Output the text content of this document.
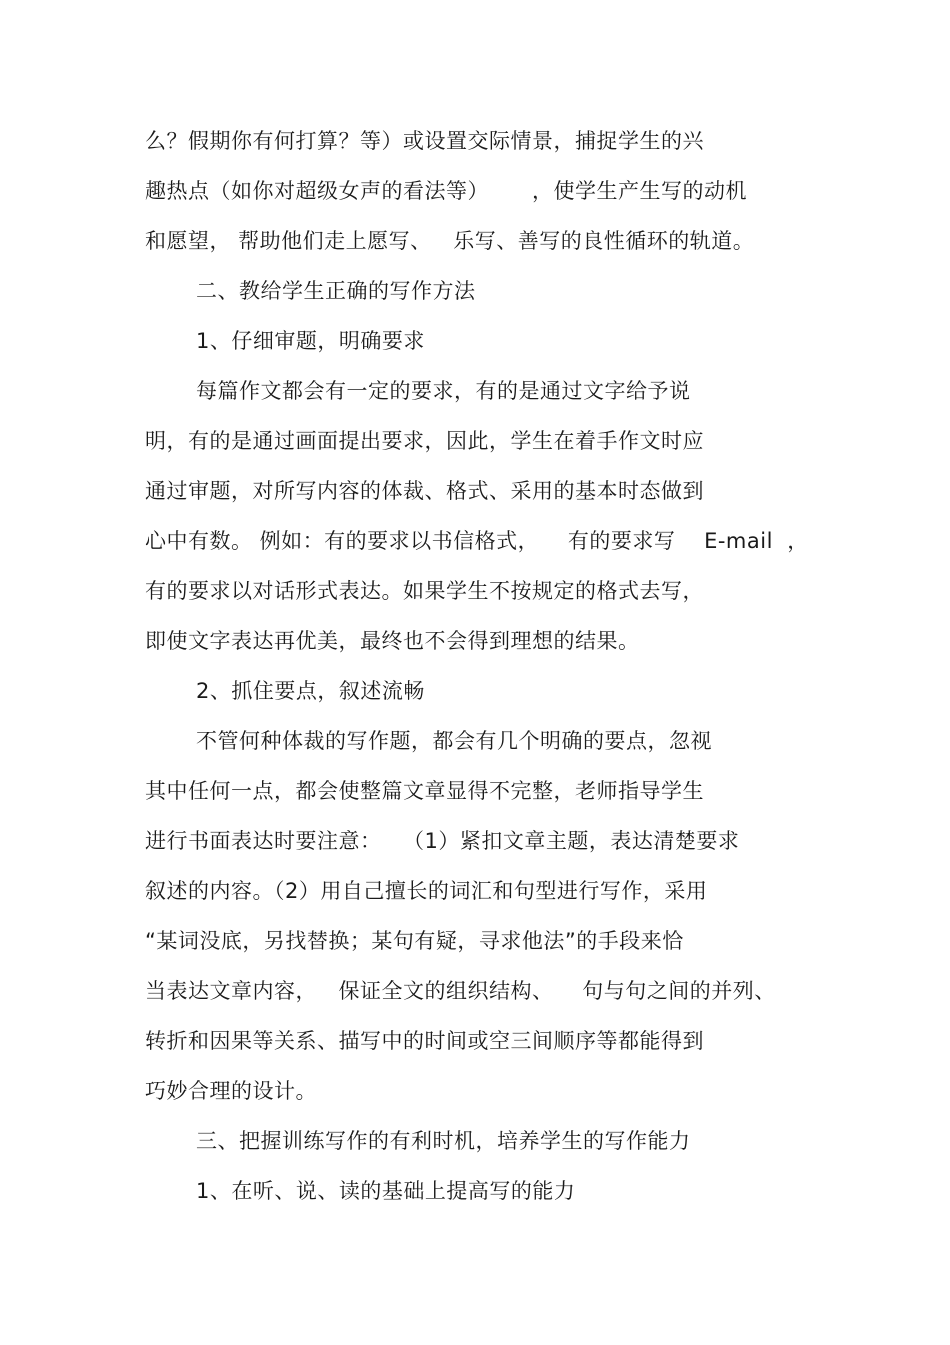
么？假期你有何打算？等）或设置交际情景，捕捉学生的兴
趣热点（如你对超级女声的看法等）      ，使学生产生写的动机
和愿望， 帮助他们走上愿写、   乐写、善写的良性循环的轨道。
二、教给学生正确的写作方法
1、仔细审题，明确要求
每篇作文都会有一定的要求，有的是通过文字给予说
明，有的是通过画面提出要求，因此，学生在着手作文时应
通过审题，对所写内容的体裁、格式、采用的基本时态做到
心中有数。 例如：有的要求以书信格式，    有的要求写    E-mail  ，
有的要求以对话形式表达。如果学生不按规定的格式去写，
即使文字表达再优美，最终也不会得到理想的结果。
2、抓住要点，叙述流畅
不管何种体裁的写作题，都会有几个明确的要点，忽视
其中任何一点，都会使整篇文章显得不完整，老师指导学生
进行书面表达时要注意：   （1）紧扣文章主题，表达清楚要求
叙述的内容。（2）用自己擅长的词汇和句型进行写作，采用
“某词没底，另找替换；某句有疑，寻求他法”的手段来恰
当表达文章内容，   保证全文的组织结构、    句与句之间的并列、
转折和因果等关系、描写中的时间或空三间顺序等都能得到
巧妙合理的设计。
三、把握训练写作的有利时机，培养学生的写作能力
1、在听、说、读的基础上提高写的能力
